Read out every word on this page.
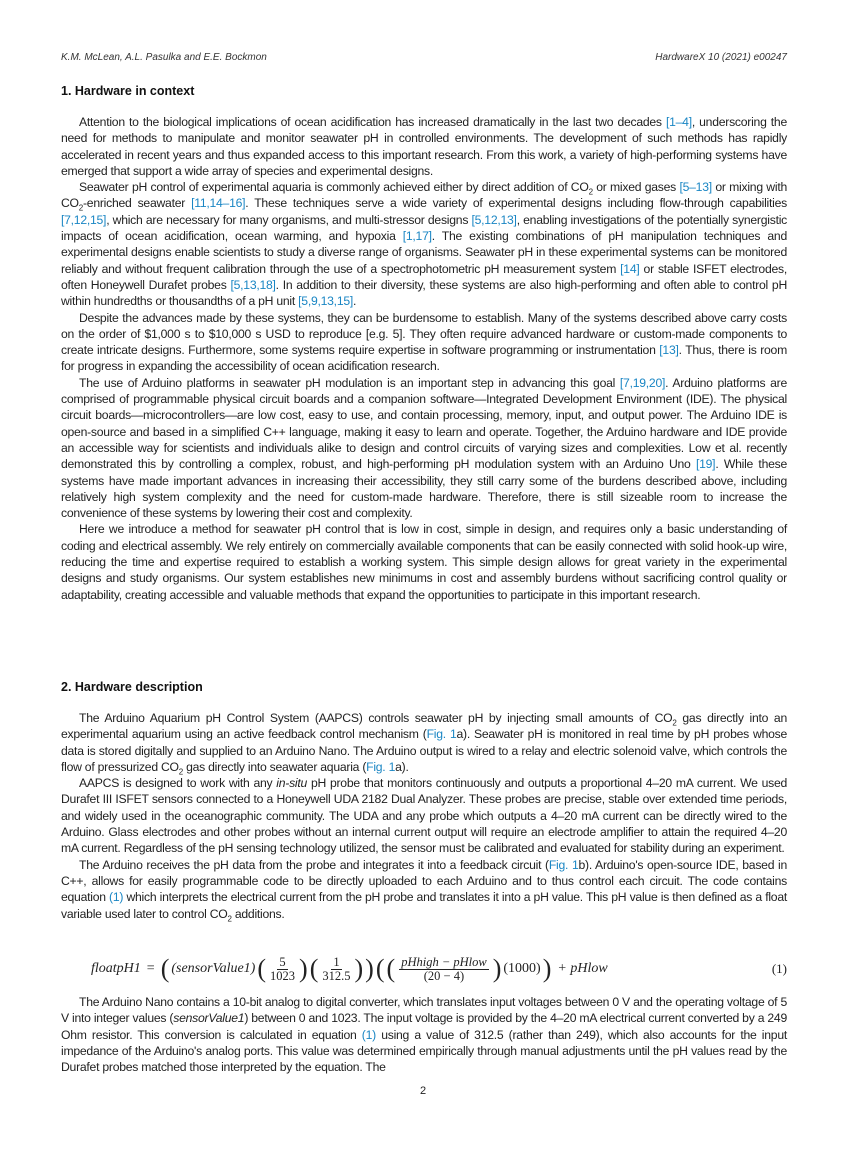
K.M. McLean, A.L. Pasulka and E.E. Bockmon	HardwareX 10 (2021) e00247
1. Hardware in context

Attention to the biological implications of ocean acidification has increased dramatically in the last two decades [1–4], underscoring the need for methods to manipulate and monitor seawater pH in controlled environments. The development of such methods has rapidly accelerated in recent years and thus expanded access to this important research. From this work, a variety of high-performing systems have emerged that support a wide array of species and experimental designs.

Seawater pH control of experimental aquaria is commonly achieved either by direct addition of $CO_2$ or mixed gases [5–13] or mixing with $CO_2$-enriched seawater [11,14–16]. These techniques serve a wide variety of experimental designs including flow-through capabilities [7,12,15], which are necessary for many organisms, and multi-stressor designs [5,12,13], enabling investigations of the potentially synergistic impacts of ocean acidification, ocean warming, and hypoxia [1,17]. The existing combinations of pH manipulation techniques and experimental designs enable scientists to study a diverse range of organisms. Seawater pH in these experimental systems can be monitored reliably and without frequent calibration through the use of a spectrophotometric pH measurement system [14] or stable ISFET electrodes, often Honeywell Durafet probes [5,13,18]. In addition to their diversity, these systems are also high-performing and often able to control pH within hundredths or thousandths of a pH unit [5,9,13,15].

Despite the advances made by these systems, they can be burdensome to establish. Many of the systems described above carry costs on the order of $1,000 s to $10,000 s USD to reproduce [e.g. 5]. They often require advanced hardware or custom-made components to create intricate designs. Furthermore, some systems require expertise in software programming or instrumentation [13]. Thus, there is room for progress in expanding the accessibility of ocean acidification research.

The use of Arduino platforms in seawater pH modulation is an important step in advancing this goal [7,19,20]. Arduino platforms are comprised of programmable physical circuit boards and a companion software—Integrated Development Environment (IDE). The physical circuit boards—microcontrollers—are low cost, easy to use, and contain processing, memory, input, and output power. The Arduino IDE is open-source and based in a simplified C++ language, making it easy to learn and operate. Together, the Arduino hardware and IDE provide an accessible way for scientists and individuals alike to design and control circuits of varying sizes and complexities. Low et al. recently demonstrated this by controlling a complex, robust, and high-performing pH modulation system with an Arduino Uno [19]. While these systems have made important advances in increasing their accessibility, they still carry some of the burdens described above, including relatively high system complexity and the need for custom-made hardware. Therefore, there is still sizeable room to increase the convenience of these systems by lowering their cost and complexity.

Here we introduce a method for seawater pH control that is low in cost, simple in design, and requires only a basic understanding of coding and electrical assembly. We rely entirely on commercially available components that can be easily connected with solid hook-up wire, reducing the time and expertise required to establish a working system. This simple design allows for great variety in the experimental designs and study organisms. Our system establishes new minimums in cost and assembly burdens without sacrificing control quality or adaptability, creating accessible and valuable methods that expand the opportunities to participate in this important research.

2. Hardware description

The Arduino Aquarium pH Control System (AAPCS) controls seawater pH by injecting small amounts of $CO_2$ gas directly into an experimental aquarium using an active feedback control mechanism (Fig. 1a). Seawater pH is monitored in real time by pH probes whose data is stored digitally and supplied to an Arduino Nano. The Arduino output is wired to a relay and electric solenoid valve, which controls the flow of pressurized $CO_2$ gas directly into seawater aquaria (Fig. 1a).

AAPCS is designed to work with any in-situ pH probe that monitors continuously and outputs a proportional 4–20 mA current. We used Durafet III ISFET sensors connected to a Honeywell UDA 2182 Dual Analyzer. These probes are precise, stable over extended time periods, and widely used in the oceanographic community. The UDA and any probe which outputs a 4–20 mA current can be directly wired to the Arduino. Glass electrodes and other probes without an internal current output will require an electrode amplifier to attain the required 4–20 mA current. Regardless of the pH sensing technology utilized, the sensor must be calibrated and evaluated for stability during an experiment.

The Arduino receives the pH data from the probe and integrates it into a feedback circuit (Fig. 1b). Arduino's open-source IDE, based in C++, allows for easily programmable code to be directly uploaded to each Arduino and to thus control each circuit. The code contains equation (1) which interprets the electrical current from the pH probe and translates it into a pH value. This pH value is then defined as a float variable used later to control $CO_2$ additions.

floatpH1 = ( (sensorValue1) ( $\frac{5}{1023}$ ) ( $\frac{1}{312.5}$ ) ) ( ( $\frac{\text{pHhigh − pHlow}}{(20 - 4)}$ ) (1000) ) + pHlow	(1)

The Arduino Nano contains a 10-bit analog to digital converter, which translates input voltages between 0 V and the operating voltage of 5 V into integer values (sensorValue1) between 0 and 1023. The input voltage is provided by the 4–20 mA electrical current converted by a 249 Ohm resistor. This conversion is calculated in equation (1) using a value of 312.5 (rather than 249), which also accounts for the input impedance of the Arduino's analog ports. This value was determined empirically through manual adjustments until the pH values read by the Durafet probes matched those interpreted by the equation. The

2
